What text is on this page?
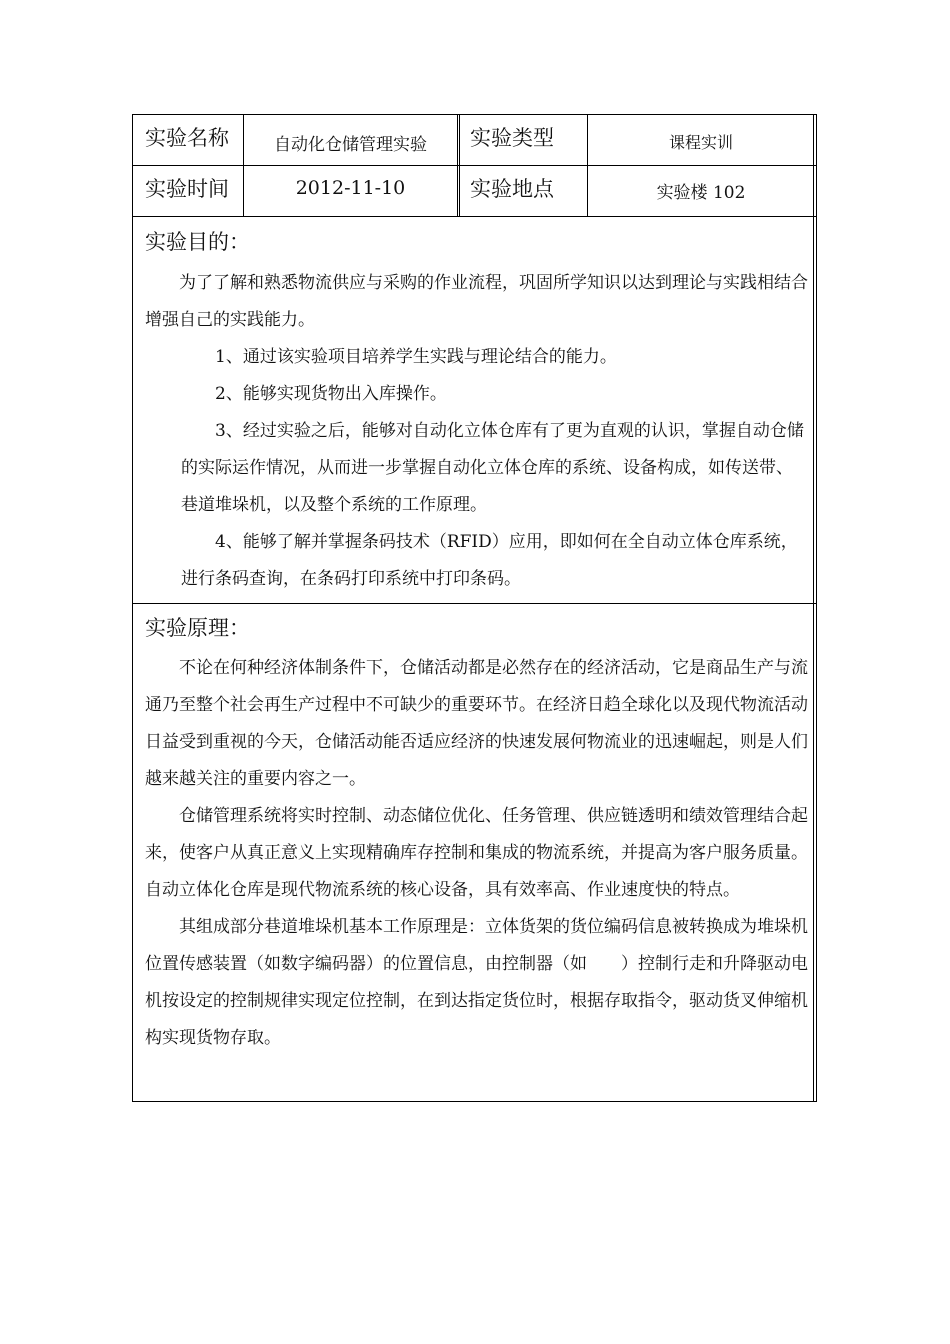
实验名称	自动化仓储管理实验	实验类型	课程实训
实验时间	2012-11-10	实验地点	实验楼 102
实验目的：

为了了解和熟悉物流供应与采购的作业流程，巩固所学知识以达到理论与实践相结合增强自己的实践能力。

1、通过该实验项目培养学生实践与理论结合的能力。

2、能够实现货物出入库操作。

3、经过实验之后，能够对自动化立体仓库有了更为直观的认识，掌握自动仓储的实际运作情况，从而进一步掌握自动化立体仓库的系统、设备构成，如传送带、巷道堆垛机，以及整个系统的工作原理。

4、能够了解并掌握条码技术（RFID）应用，即如何在全自动立体仓库系统，进行条码查询，在条码打印系统中打印条码。

实验原理：

不论在何种经济体制条件下，仓储活动都是必然存在的经济活动，它是商品生产与流通乃至整个社会再生产过程中不可缺少的重要环节。在经济日趋全球化以及现代物流活动日益受到重视的今天，仓储活动能否适应经济的快速发展何物流业的迅速崛起，则是人们越来越关注的重要内容之一。

仓储管理系统将实时控制、动态储位优化、任务管理、供应链透明和绩效管理结合起来，使客户从真正意义上实现精确库存控制和集成的物流系统，并提高为客户服务质量。自动立体化仓库是现代物流系统的核心设备，具有效率高、作业速度快的特点。

其组成部分巷道堆垛机基本工作原理是：立体货架的货位编码信息被转换成为堆垛机位置传感装置（如数字编码器）的位置信息，由控制器（如　　）控制行走和升降驱动电机按设定的控制规律实现定位控制，在到达指定货位时，根据存取指令，驱动货叉伸缩机构实现货物存取。
